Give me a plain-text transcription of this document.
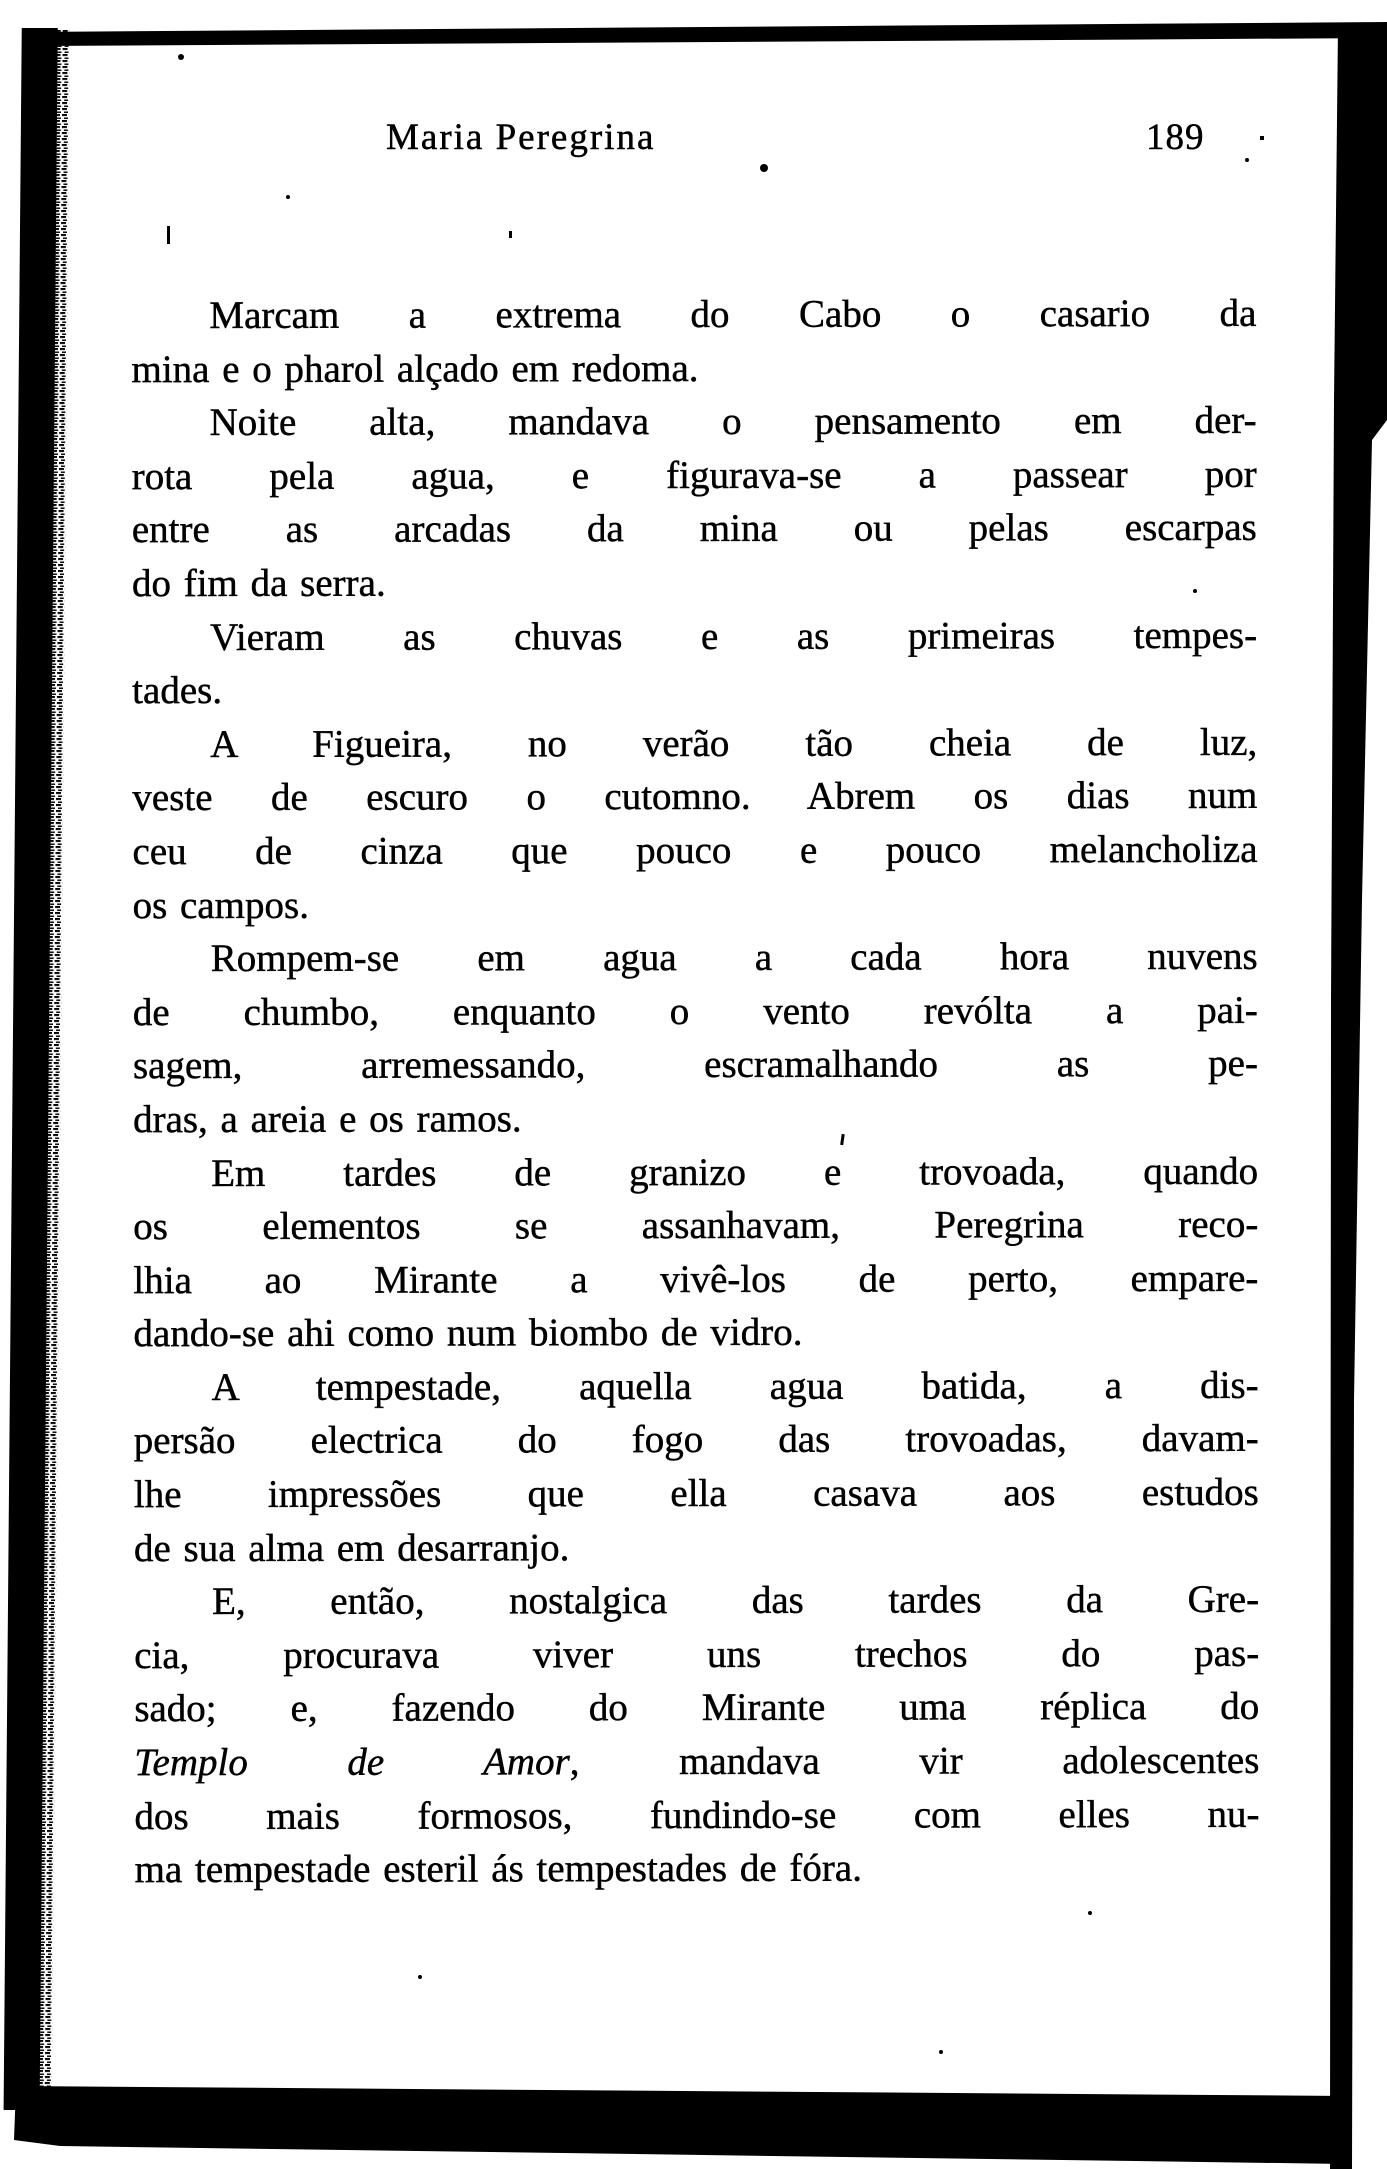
Maria Peregrina	189
Marcam a extrema do Cabo o casario da
mina e o pharol alçado em redoma.
Noite alta, mandava o pensamento em der-
rota pela agua, e figurava-se a passear por
entre as arcadas da mina ou pelas escarpas
do fim da serra.
Vieram as chuvas e as primeiras tempes-
tades.
A Figueira, no verão tão cheia de luz,
veste de escuro o cutomno. Abrem os dias num
ceu de cinza que pouco e pouco melancholiza
os campos.
Rompem-se em agua a cada hora nuvens
de chumbo, enquanto o vento revólta a pai-
sagem, arremessando, escramalhando as pe-
dras, a areia e os ramos.
Em tardes de granizo e trovoada, quando
os elementos se assanhavam, Peregrina reco-
lhia ao Mirante a vivê-los de perto, empare-
dando-se ahi como num biombo de vidro.
A tempestade, aquella agua batida, a dis-
persão electrica do fogo das trovoadas, davam-
lhe impressões que ella casava aos estudos
de sua alma em desarranjo.
E, então, nostalgica das tardes da Gre-
cia, procurava viver uns trechos do pas-
sado; e, fazendo do Mirante uma réplica do
Templo de Amor, mandava vir adolescentes
dos mais formosos, fundindo-se com elles nu-
ma tempestade esteril ás tempestades de fóra.
